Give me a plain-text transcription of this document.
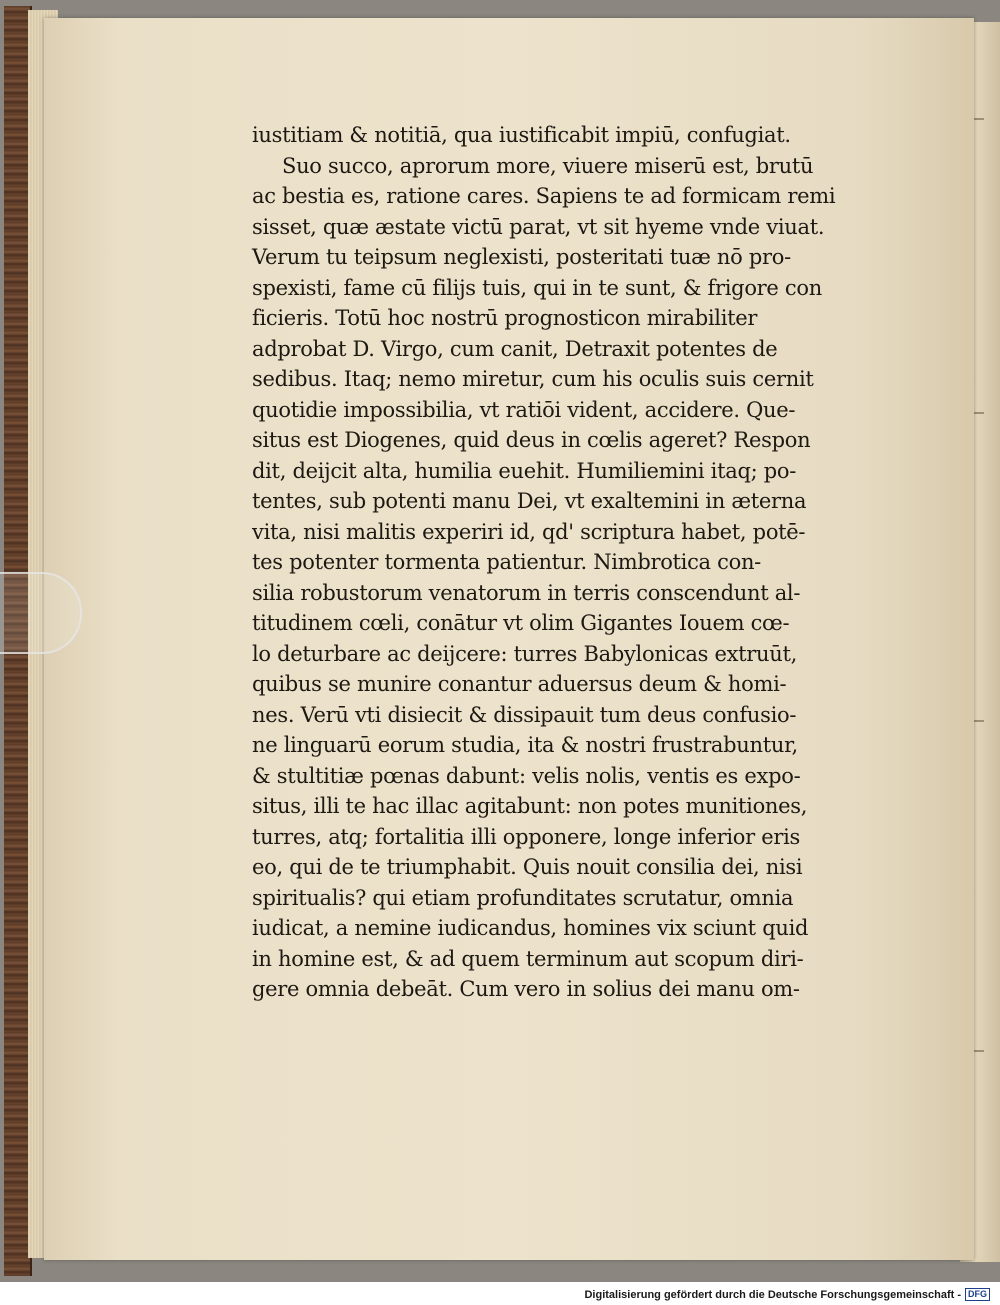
iustitiam & notitiā, qua iustificabit impiū, confugiat.
Suo succo, aprorum more, viuere miserū est, brutū
ac bestia es, ratione cares. Sapiens te ad formicam remi
sisset, quæ æstate victū parat, vt sit hyeme vnde viuat.
Verum tu teipsum neglexisti, posteritati tuæ nō pro-
spexisti, fame cū filijs tuis, qui in te sunt, & frigore con
ficieris. Totū hoc nostrū prognosticon mirabiliter
adprobat D. Virgo, cum canit, Detraxit potentes de
sedibus. Itaq; nemo miretur, cum his oculis suis cernit
quotidie impossibilia, vt ratiōi vident, accidere. Que-
situs est Diogenes, quid deus in cœlis ageret? Respon
dit, deijcit alta, humilia euehit. Humiliemini itaq; po-
tentes, sub potenti manu Dei, vt exaltemini in æterna
vita, nisi malitis experiri id, qd' scriptura habet, potē-
tes potenter tormenta patientur. Nimbrotica con-
silia robustorum venatorum in terris conscendunt al-
titudinem cœli, conātur vt olim Gigantes Iouem cœ-
lo deturbare ac deijcere: turres Babylonicas extruūt,
quibus se munire conantur aduersus deum & homi-
nes. Verū vti disiecit & dissipauit tum deus confusio-
ne linguarū eorum studia, ita & nostri frustrabuntur,
& stultitiæ pœnas dabunt: velis nolis, ventis es expo-
situs, illi te hac illac agitabunt: non potes munitiones,
turres, atq; fortalitia illi opponere, longe inferior eris
eo, qui de te triumphabit. Quis nouit consilia dei, nisi
spiritualis? qui etiam profunditates scrutatur, omnia
iudicat, a nemine iudicandus, homines vix sciunt quid
in homine est, & ad quem terminum aut scopum diri-
gere omnia debeāt. Cum vero in solius dei manu om-
Digitalisierung gefördert durch die Deutsche Forschungsgemeinschaft - DFG
